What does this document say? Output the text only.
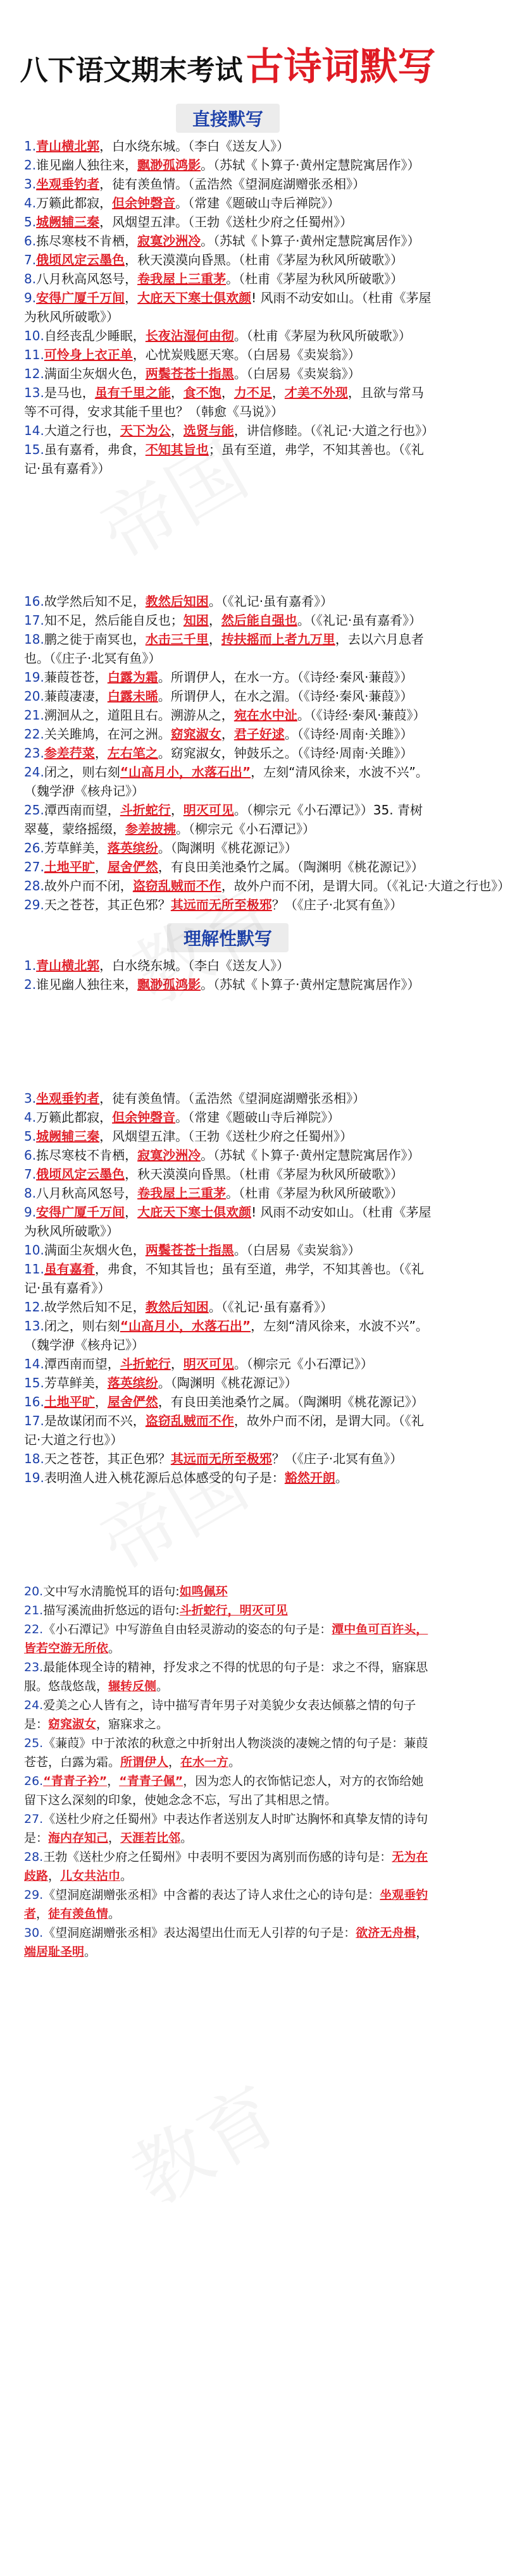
八下语文期末考试 古诗词默写
直接默写
1.青山横北郭，白水绕东城。（李白《送友人》）
2.谁见幽人独往来，飘渺孤鸿影。（苏轼《卜算子·黄州定慧院寓居作》）
3.坐观垂钓者，徒有羡鱼情。（孟浩然《望洞庭湖赠张丞相》）
4.万籁此都寂，但余钟磬音。（常建《题破山寺后禅院》）
5.城阙辅三秦，风烟望五津。（王勃《送杜少府之任蜀州》）
6.拣尽寒枝不肯栖，寂寞沙洲冷。（苏轼《卜算子·黄州定慧院寓居作》）
7.俄顷风定云墨色，秋天漠漠向昏黑。（杜甫《茅屋为秋风所破歌》）
8.八月秋高风怒号，卷我屋上三重茅。（杜甫《茅屋为秋风所破歌》）
9.安得广厦千万间，大庇天下寒士俱欢颜! 风雨不动安如山。（杜甫《茅屋为秋风所破歌》）
10.自经丧乱少睡眠，长夜沾湿何由彻。（杜甫《茅屋为秋风所破歌》）
11.可怜身上衣正单，心忧炭贱愿天寒。（白居易《卖炭翁》）
12.满面尘灰烟火色，两鬓苍苍十指黑。（白居易《卖炭翁》）
13.是马也，虽有千里之能，食不饱，力不足，才美不外现，且欲与常马等不可得，安求其能千里也？（韩愈《马说》）
14.大道之行也，天下为公，选贤与能，讲信修睦。（《礼记·大道之行也》）
15.虽有嘉肴，弗食，不知其旨也；虽有至道，弗学，不知其善也。（《礼记·虽有嘉肴》）
16.故学然后知不足，教然后知困。（《礼记·虽有嘉肴》）
17.知不足，然后能自反也；知困，然后能自强也。（《礼记·虽有嘉肴》）
18.鹏之徙于南冥也，水击三千里，抟扶摇而上者九万里，去以六月息者也。（《庄子·北冥有鱼》）
19.蒹葭苍苍，白露为霜。所谓伊人，在水一方。（《诗经·秦风·蒹葭》）
20.蒹葭凄凄，白露未晞。所谓伊人，在水之湄。（《诗经·秦风·蒹葭》）
21.溯洄从之，道阻且右。溯游从之，宛在水中沚。（《诗经·秦风·蒹葭》）
22.关关雎鸠，在河之洲。窈窕淑女，君子好逑。（《诗经·周南·关雎》）
23.参差荇菜，左右笔之。窈窕淑女，钟鼓乐之。（《诗经·周南·关雎》）
24.闭之，则右刻“山高月小，水落石出”，左刻“清风徐来，水波不兴”。（魏学洢《核舟记》）
25.潭西南而望，斗折蛇行，明灭可见。（柳宗元《小石潭记》）35. 青树翠蔓，蒙络摇缀，参差披拂。（柳宗元《小石潭记》）
26.芳草鲜美，落英缤纷。（陶渊明《桃花源记》）
27.土地平旷，屋舍俨然，有良田美池桑竹之属。（陶渊明《桃花源记》）
28.故外户而不闭，盗窃乱贼而不作，故外户而不闭，是谓大同。（《礼记·大道之行也》）
29.天之苍苍，其正色邪？其远而无所至极邪？（《庄子·北冥有鱼》）
理解性默写
1.青山横北郭，白水绕东城。（李白《送友人》）
2.谁见幽人独往来，飘渺孤鸿影。（苏轼《卜算子·黄州定慧院寓居作》）
3.坐观垂钓者，徒有羡鱼情。（孟浩然《望洞庭湖赠张丞相》）
4.万籁此都寂，但余钟磬音。（常建《题破山寺后禅院》）
5.城阙辅三秦，风烟望五津。（王勃《送杜少府之任蜀州》）
6.拣尽寒枝不肯栖，寂寞沙洲冷。（苏轼《卜算子·黄州定慧院寓居作》）
7.俄顷风定云墨色，秋天漠漠向昏黑。（杜甫《茅屋为秋风所破歌》）
8.八月秋高风怒号，卷我屋上三重茅。（杜甫《茅屋为秋风所破歌》）
9.安得广厦千万间，大庇天下寒士俱欢颜! 风雨不动安如山。（杜甫《茅屋为秋风所破歌》）
10.满面尘灰烟火色，两鬓苍苍十指黑。（白居易《卖炭翁》）
11.虽有嘉肴，弗食，不知其旨也；虽有至道，弗学，不知其善也。（《礼记·虽有嘉肴》）
12.故学然后知不足，教然后知困。（《礼记·虽有嘉肴》）
13.闭之，则右刻“山高月小，水落石出”，左刻“清风徐来，水波不兴”。（魏学洢《核舟记》）
14.潭西南而望，斗折蛇行，明灭可见。（柳宗元《小石潭记》）
15.芳草鲜美，落英缤纷。（陶渊明《桃花源记》）
16.土地平旷，屋舍俨然，有良田美池桑竹之属。（陶渊明《桃花源记》）
17.是故谋闭而不兴，盗窃乱贼而不作，故外户而不闭，是谓大同。（《礼记·大道之行也》）
18.天之苍苍，其正色邪？其远而无所至极邪？（《庄子·北冥有鱼》）
19.表明渔人进入桃花源后总体感受的句子是：豁然开朗。
20.文中写水清脆悦耳的语句:如鸣佩环
21.描写溪流曲折悠远的语句:斗折蛇行，明灭可见
22.《小石潭记》中写游鱼自由轻灵游动的姿态的句子是：潭中鱼可百许头，皆若空游无所依。
23.最能体现全诗的精神，抒发求之不得的忧思的句子是：求之不得，寤寐思服。悠哉悠哉，辗转反侧。
24.爱美之心人皆有之，诗中描写青年男子对美貌少女表达倾慕之情的句子是：窈窕淑女，寤寐求之。
25.《蒹葭》中于浓浓的秋意之中折射出人物淡淡的凄婉之情的句子是：蒹葭苍苍，白露为霜。所谓伊人，在水一方。
26.“青青子衿”，“青青子佩”，因为恋人的衣饰惦记恋人，对方的衣饰给她留下这么深刻的印象，使她念念不忘，写出了其相思之情。
27.《送杜少府之任蜀州》中表达作者送别友人时旷达胸怀和真挚友情的诗句是：海内存知己，天涯若比邻。
28.王勃《送杜少府之任蜀州》中表明不要因为离别而伤感的诗句是：无为在歧路，儿女共沾巾。
29.《望洞庭湖赠张丞相》中含蓄的表达了诗人求仕之心的诗句是：坐观垂钓者，徒有羡鱼情。
30.《望洞庭湖赠张丞相》表达渴望出仕而无人引荐的句子是：欲济无舟楫，端居耻圣明。
